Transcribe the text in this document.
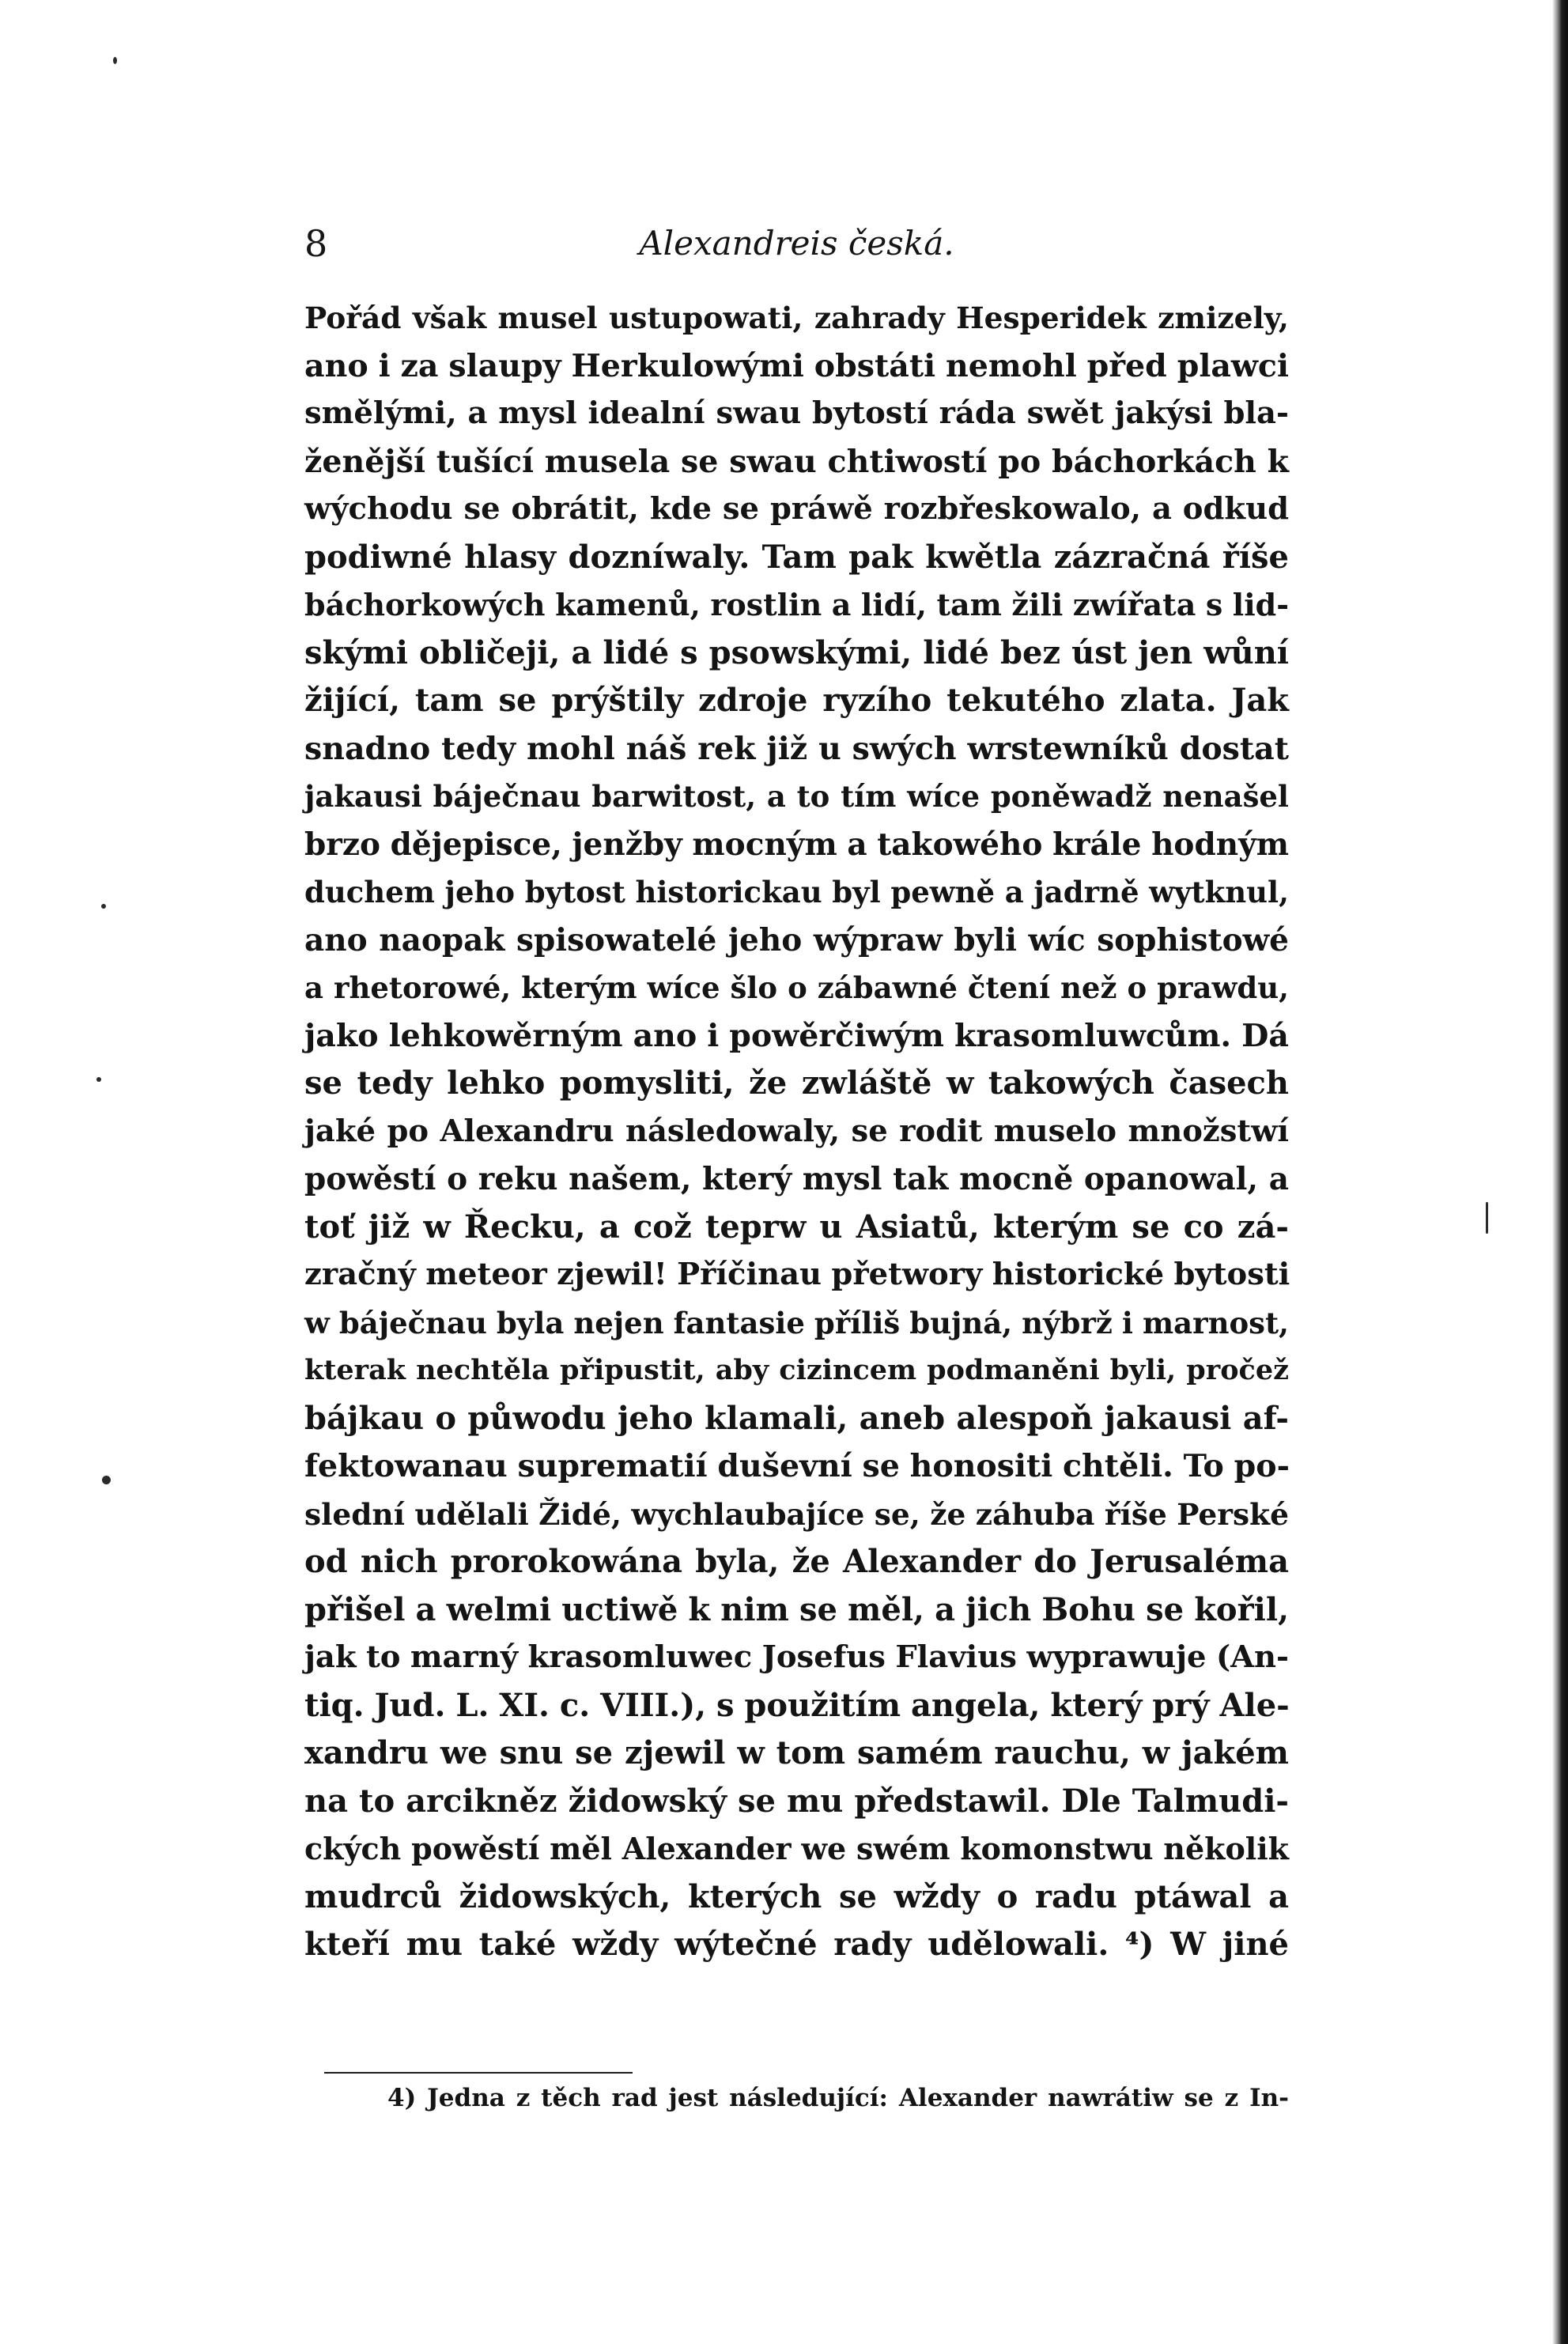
8	Alexandreis česká.
Pořád však musel ustupowati, zahrady Hesperidek zmizely,
ano i za slaupy Herkulowými obstáti nemohl před plawci
smělými, a mysl idealní swau bytostí ráda swět jakýsi bla-
ženější tušící musela se swau chtiwostí po báchorkách k
wýchodu se obrátit, kde se práwě rozbřeskowalo, a odkud
podiwné hlasy dozníwaly. Tam pak kwětla zázračná říše
báchorkowých kamenů, rostlin a lidí, tam žili zwířata s lid-
skými obličeji, a lidé s psowskými, lidé bez úst jen wůní
žijící, tam se prýštily zdroje ryzího tekutého zlata. Jak
snadno tedy mohl náš rek již u swých wrstewníků dostat
jakausi báječnau barwitost, a to tím wíce poněwadž nenašel
brzo dějepisce, jenžby mocným a takowého krále hodným
duchem jeho bytost historickau byl pewně a jadrně wytknul,
ano naopak spisowatelé jeho wýpraw byli wíc sophistowé
a rhetorowé, kterým wíce šlo o zábawné čtení než o prawdu,
jako lehkowěrným ano i powěrčiwým krasomluwcům. Dá
se tedy lehko pomysliti, že zwláště w takowých časech
jaké po Alexandru následowaly, se rodit muselo množstwí
powěstí o reku našem, který mysl tak mocně opanowal, a
toť již w Řecku, a což teprw u Asiatů, kterým se co zá-
zračný meteor zjewil! Příčinau přetwory historické bytosti
w báječnau byla nejen fantasie příliš bujná, nýbrž i marnost,
kterak nechtěla připustit, aby cizincem podmaněni byli, pročež
bájkau o půwodu jeho klamali, aneb alespoň jakausi af-
fektowanau suprematií duševní se honositi chtěli. To po-
slední udělali Židé, wychlaubajíce se, že záhuba říše Perské
od nich prorokowána byla, že Alexander do Jerusaléma
přišel a welmi uctiwě k nim se měl, a jich Bohu se kořil,
jak to marný krasomluwec Josefus Flavius wyprawuje (An-
tiq. Jud. L. XI. c. VIII.), s použitím angela, který prý Ale-
xandru we snu se zjewil w tom samém rauchu, w jakém
na to arcikněz židowský se mu předstawil. Dle Talmudi-
ckých powěstí měl Alexander we swém komonstwu několik
mudrců židowských, kterých se wždy o radu ptáwal a
kteří mu také wždy wýtečné rady udělowali. ⁴) W jiné
4) Jedna z těch rad jest následující: Alexander nawrátiw se z In-
